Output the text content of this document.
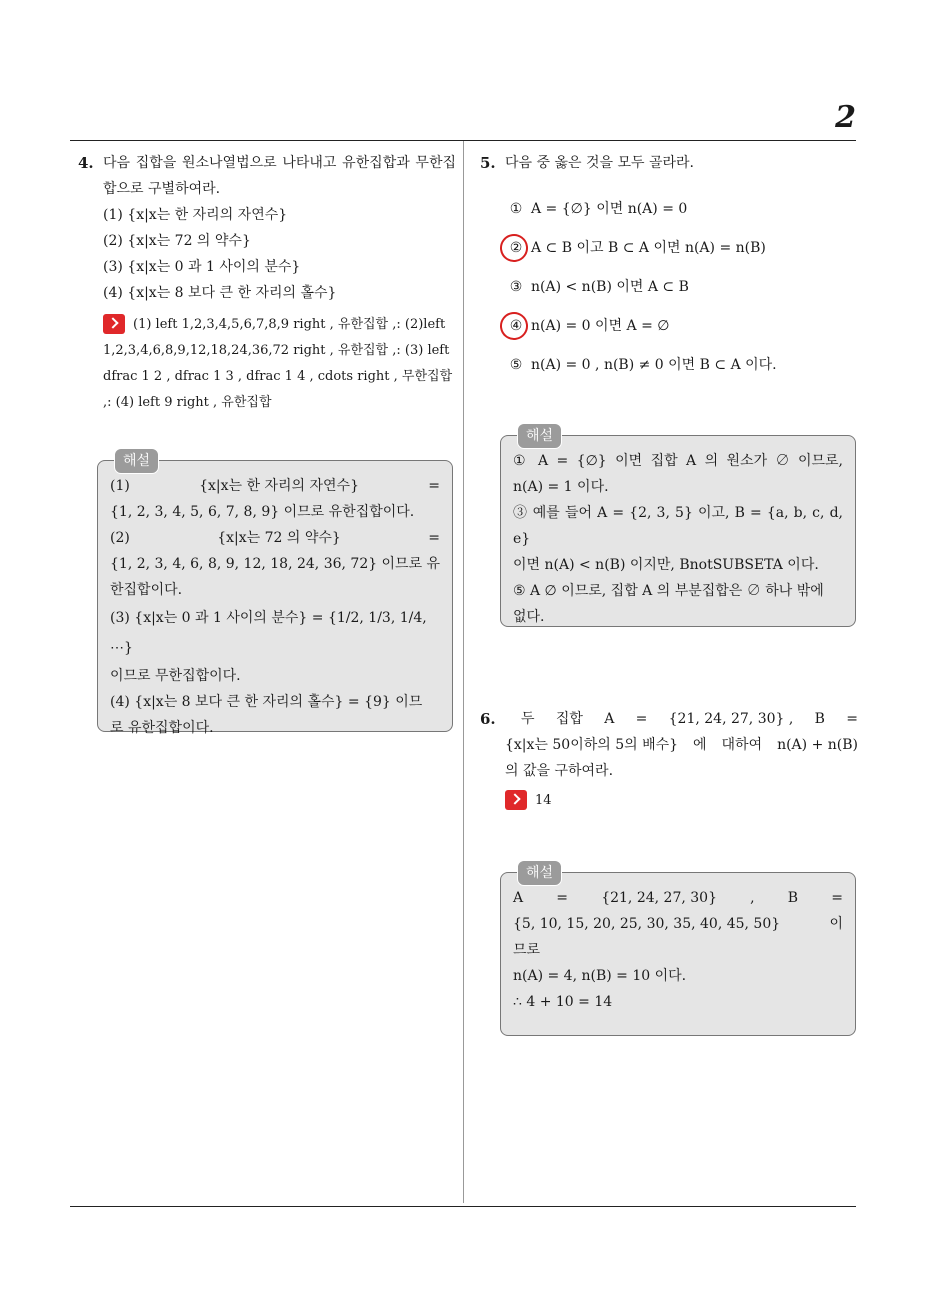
2
4. 다음 집합을 원소나열법으로 나타내고 유한집합과 무한집합으로 구별하여라.
(1) {x|x는 한 자리의 자연수}
(2) {x|x는 72 의 약수}
(3) {x|x는 0 과 1 사이의 분수}
(4) {x|x는 8 보다 큰 한 자리의 홀수}
(1) left 1,2,3,4,5,6,7,8,9 right , 유한집합 ,: (2)left
1,2,3,4,6,8,9,12,18,24,36,72 right , 유한집합 ,: (3) left
dfrac 1 2 , dfrac 1 3 , dfrac 1 4 , cdots right , 무한집합
,: (4) left 9 right , 유한집합
해설
(1)	{x|x는 한 자리의 자연수}	=
{1, 2, 3, 4, 5, 6, 7, 8, 9} 이므로 유한집합이다.
(2)	{x|x는 72 의 약수}	=
{1, 2, 3, 4, 6, 8, 9, 12, 18, 24, 36, 72} 이므로 유
한집합이다.
(3) {x|x는 0 과 1 사이의 분수} = {1/2, 1/3, 1/4, ⋯}
이므로 무한집합이다.
(4) {x|x는 8 보다 큰 한 자리의 홀수} = {9} 이므
로 유한집합이다.
5. 다음 중 옳은 것을 모두 골라라.
① A = {∅} 이면 n(A) = 0
② A ⊂ B 이고 B ⊂ A 이면 n(A) = n(B)
③ n(A) < n(B) 이면 A ⊂ B
④ n(A) = 0 이면 A = ∅
⑤ n(A) = 0 , n(B) ≠ 0 이면 B ⊂ A 이다.
해설
① A = {∅} 이면 집합 A 의 원소가 ∅ 이므로,
n(A) = 1 이다.
③ 예를 들어 A = {2, 3, 5} 이고, B = {a, b, c, d, e}
이면 n(A) < n(B) 이지만, BnotSUBSETA 이다.
⑤ A ∅ 이므로, 집합 A 의 부분집합은 ∅ 하나 밖에
없다.
6. 두 집합 A = {21, 24, 27, 30} , B =
{x|x는 50이하의 5의 배수} 에 대하여 n(A) + n(B)
의 값을 구하여라.
14
해설
A = {21, 24, 27, 30} , B =
{5, 10, 15, 20, 25, 30, 35, 40, 45, 50}	이
므로
n(A) = 4, n(B) = 10 이다.
∴ 4 + 10 = 14
